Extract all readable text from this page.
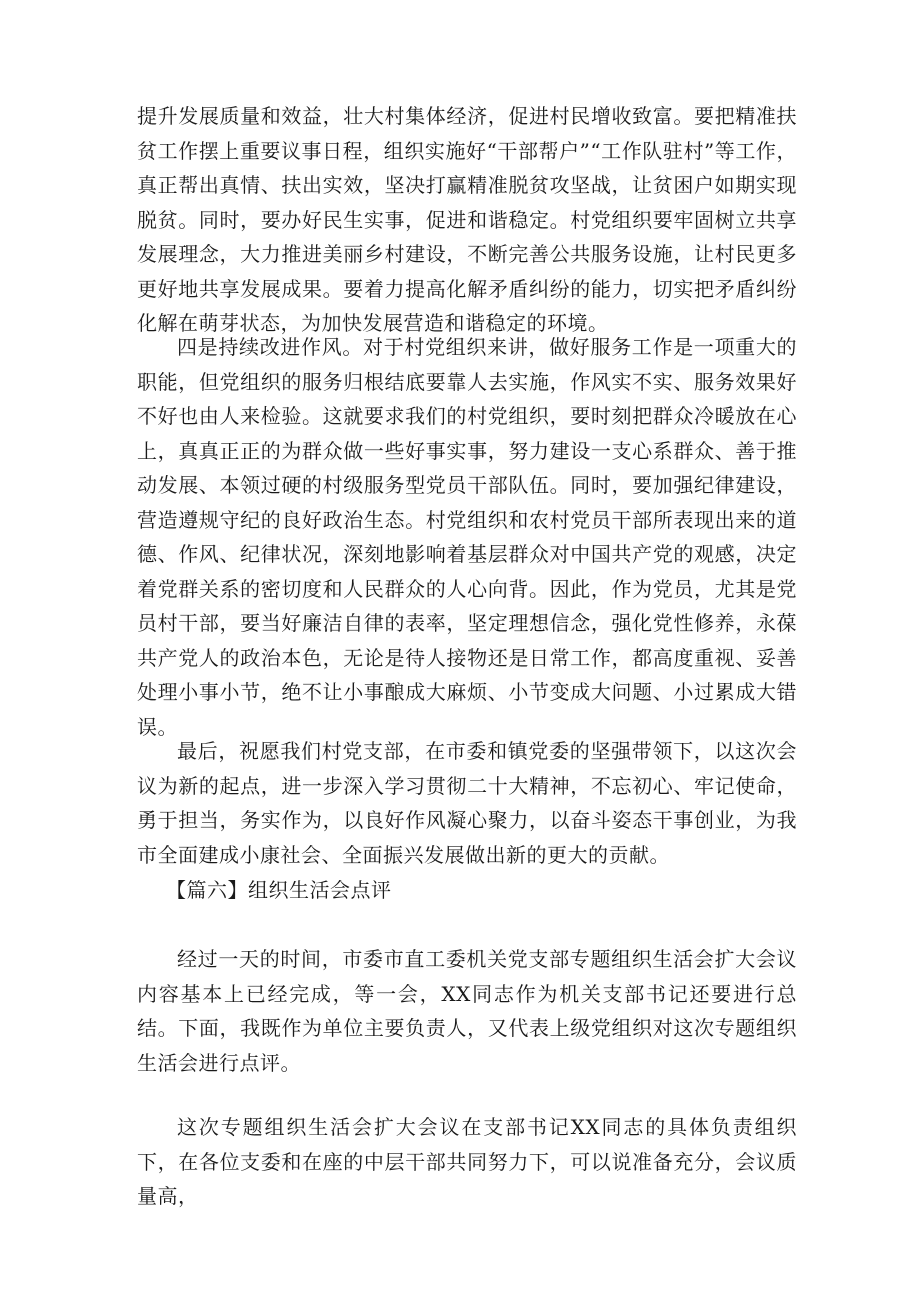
提升发展质量和效益，壮大村集体经济，促进村民增收致富。要把精准扶贫工作摆上重要议事日程，组织实施好“干部帮户”“工作队驻村”等工作，真正帮出真情、扶出实效，坚决打赢精准脱贫攻坚战，让贫困户如期实现脱贫。同时，要办好民生实事，促进和谐稳定。村党组织要牢固树立共享发展理念，大力推进美丽乡村建设，不断完善公共服务设施，让村民更多更好地共享发展成果。要着力提高化解矛盾纠纷的能力，切实把矛盾纠纷化解在萌芽状态，为加快发展营造和谐稳定的环境。

四是持续改进作风。对于村党组织来讲，做好服务工作是一项重大的职能，但党组织的服务归根结底要靠人去实施，作风实不实、服务效果好不好也由人来检验。这就要求我们的村党组织，要时刻把群众冷暖放在心上，真真正正的为群众做一些好事实事，努力建设一支心系群众、善于推动发展、本领过硬的村级服务型党员干部队伍。同时，要加强纪律建设，营造遵规守纪的良好政治生态。村党组织和农村党员干部所表现出来的道德、作风、纪律状况，深刻地影响着基层群众对中国共产党的观感，决定着党群关系的密切度和人民群众的人心向背。因此，作为党员，尤其是党员村干部，要当好廉洁自律的表率，坚定理想信念，强化党性修养，永葆共产党人的政治本色，无论是待人接物还是日常工作，都高度重视、妥善处理小事小节，绝不让小事酿成大麻烦、小节变成大问题、小过累成大错误。

最后，祝愿我们村党支部，在市委和镇党委的坚强带领下，以这次会议为新的起点，进一步深入学习贯彻二十大精神，不忘初心、牢记使命，勇于担当，务实作为，以良好作风凝心聚力，以奋斗姿态干事创业，为我市全面建成小康社会、全面振兴发展做出新的更大的贡献。

【篇六】组织生活会点评

经过一天的时间，市委市直工委机关党支部专题组织生活会扩大会议内容基本上已经完成，等一会，XX同志作为机关支部书记还要进行总结。下面，我既作为单位主要负责人，又代表上级党组织对这次专题组织生活会进行点评。

这次专题组织生活会扩大会议在支部书记XX同志的具体负责组织下，在各位支委和在座的中层干部共同努力下，可以说准备充分，会议质量高，
